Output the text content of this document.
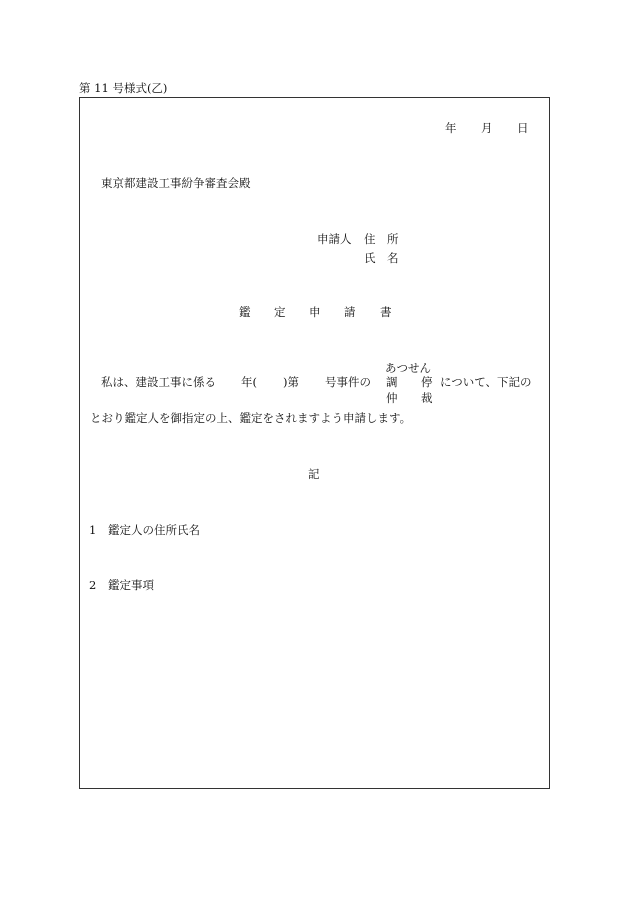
第 11 号様式(乙)
年 月 日
東京都建設工事紛争審査会殿
申請人 住 所
氏 名
鑑 定 申 請 書
あつせん
私は、建設工事に係る 年( )第 号事件の 調 停 について、下記の
仲 裁
とおり鑑定人を御指定の上、鑑定をされますよう申請します。
記
1 鑑定人の住所氏名
2 鑑定事項
